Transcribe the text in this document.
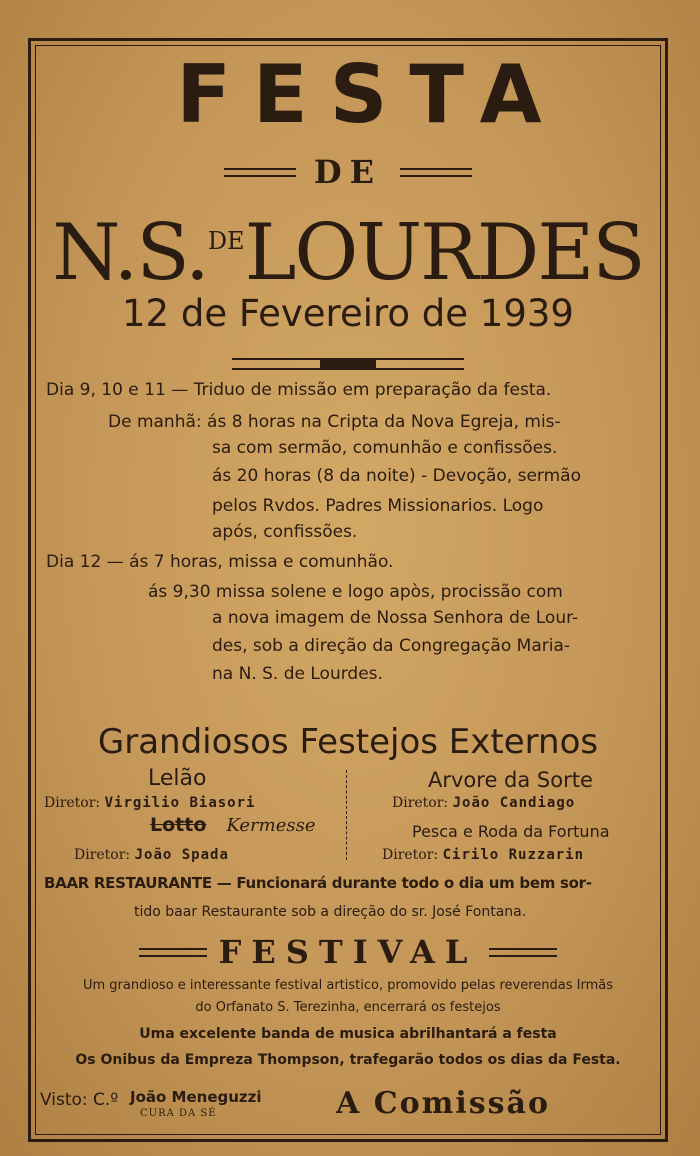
FESTA
DE
N.S.$^{DE}$LOURDES
12 de Fevereiro de 1939
Dia 9, 10 e 11 — Triduo de missão em preparação da festa.
De manhã: ás 8 horas na Cripta da Nova Egreja, mis-
sa com sermão, comunhão e confissões.
ás 20 horas (8 da noite) - Devoção, sermão
pelos Rvdos. Padres Missionarios. Logo
após, confissões.
Dia 12 — ás 7 horas, missa e comunhão.
ás 9,30 missa solene e logo apòs, procissão com
a nova imagem de Nossa Senhora de Lour-
des, sob a direção da Congregação Maria-
na N. S. de Lourdes.
Grandiosos Festejos Externos
Lelão
Diretor: Virgilio Biasori
Lotto Kermesse
Diretor: João Spada
Arvore da Sorte
Diretor: João Candiago
Pesca e Roda da Fortuna
Diretor: Cirilo Ruzzarin
BAAR RESTAURANTE — Funcionará durante todo o dia um bem sor-
tido baar Restaurante sob a direção do sr. José Fontana.
FESTIVAL
Um grandioso e interessante festival artistico, promovido pelas reverendas Irmãs
do Orfanato S. Terezinha, encerrará os festejos
Uma excelente banda de musica abrilhantará a festa
Os Onibus da Empreza Thompson, trafegarão todos os dias da Festa.
Visto: C.º João Meneguzzi
CURA DA SÉ	A Comissão
